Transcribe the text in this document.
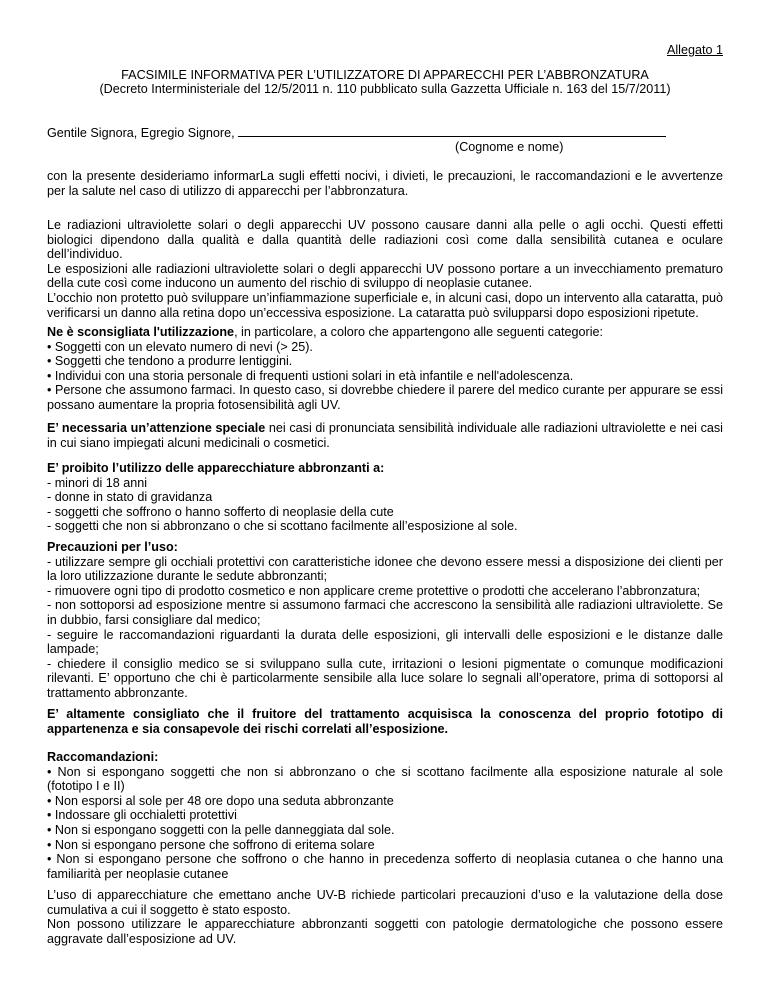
Allegato 1
FACSIMILE INFORMATIVA PER L’UTILIZZATORE DI APPARECCHI PER L’ABBRONZATURA
(Decreto Interministeriale del 12/5/2011 n. 110 pubblicato sulla Gazzetta Ufficiale n. 163 del 15/7/2011)
Gentile Signora, Egregio Signore,
(Cognome e nome)

con la presente desideriamo informarLa sugli effetti nocivi, i divieti, le precauzioni, le raccomandazioni e le avvertenze per la salute nel caso di utilizzo di apparecchi per l’abbronzatura.

Le radiazioni ultraviolette solari o degli apparecchi UV possono causare danni alla pelle o agli occhi. Questi effetti biologici dipendono dalla qualità e dalla quantità delle radiazioni così come dalla sensibilità cutanea e oculare dell’individuo.

Le esposizioni alle radiazioni ultraviolette solari o degli apparecchi UV possono portare a un invecchiamento prematuro della cute così come inducono un aumento del rischio di sviluppo di neoplasie cutanee.

L’occhio non protetto può sviluppare un’infiammazione superficiale e, in alcuni casi, dopo un intervento alla cataratta, può verificarsi un danno alla retina dopo un’eccessiva esposizione. La cataratta può svilupparsi dopo esposizioni ripetute.

Ne è sconsigliata l'utilizzazione, in particolare, a coloro che appartengono alle seguenti categorie:

• Soggetti con un elevato numero di nevi (> 25).

• Soggetti che tendono a produrre lentiggini.

• Individui con una storia personale di frequenti ustioni solari in età infantile e nell'adolescenza.

• Persone che assumono farmaci. In questo caso, si dovrebbe chiedere il parere del medico curante per appurare se essi possano aumentare la propria fotosensibilità agli UV.

E’ necessaria un’attenzione speciale nei casi di pronunciata sensibilità individuale alle radiazioni ultraviolette e nei casi in cui siano impiegati alcuni medicinali o cosmetici.

E’ proibito l’utilizzo delle apparecchiature abbronzanti a:

- minori di 18 anni

- donne in stato di gravidanza

- soggetti che soffrono o hanno sofferto di neoplasie della cute

- soggetti che non si abbronzano o che si scottano facilmente all’esposizione al sole.

Precauzioni per l’uso:

- utilizzare sempre gli occhiali protettivi con caratteristiche idonee che devono essere messi a disposizione dei clienti per la loro utilizzazione durante le sedute abbronzanti;

- rimuovere ogni tipo di prodotto cosmetico e non applicare creme protettive o prodotti che accelerano l’abbronzatura;

- non sottoporsi ad esposizione mentre si assumono farmaci che accrescono la sensibilità alle radiazioni ultraviolette. Se in dubbio, farsi consigliare dal medico;

- seguire le raccomandazioni riguardanti la durata delle esposizioni, gli intervalli delle esposizioni e le distanze dalle lampade;

- chiedere il consiglio medico se si sviluppano sulla cute, irritazioni o lesioni pigmentate o comunque modificazioni rilevanti. E’ opportuno che chi è particolarmente sensibile alla luce solare lo segnali all’operatore, prima di sottoporsi al trattamento abbronzante.

E’ altamente consigliato che il fruitore del trattamento acquisisca la conoscenza del proprio fototipo di appartenenza e sia consapevole dei rischi correlati all’esposizione.

Raccomandazioni:

• Non si espongano soggetti che non si abbronzano o che si scottano facilmente alla esposizione naturale al sole (fototipo I e II)

• Non esporsi al sole per 48 ore dopo una seduta abbronzante

• Indossare gli occhialetti protettivi

• Non si espongano soggetti con la pelle danneggiata dal sole.

• Non si espongano persone che soffrono di eritema solare

• Non si espongano persone che soffrono o che hanno in precedenza sofferto di neoplasia cutanea o che hanno una familiarità per neoplasie cutanee

L’uso di apparecchiature che emettano anche UV-B richiede particolari precauzioni d’uso e la valutazione della dose cumulativa a cui il soggetto è stato esposto.

Non possono utilizzare le apparecchiature abbronzanti soggetti con patologie dermatologiche che possono essere aggravate dall’esposizione ad UV.
